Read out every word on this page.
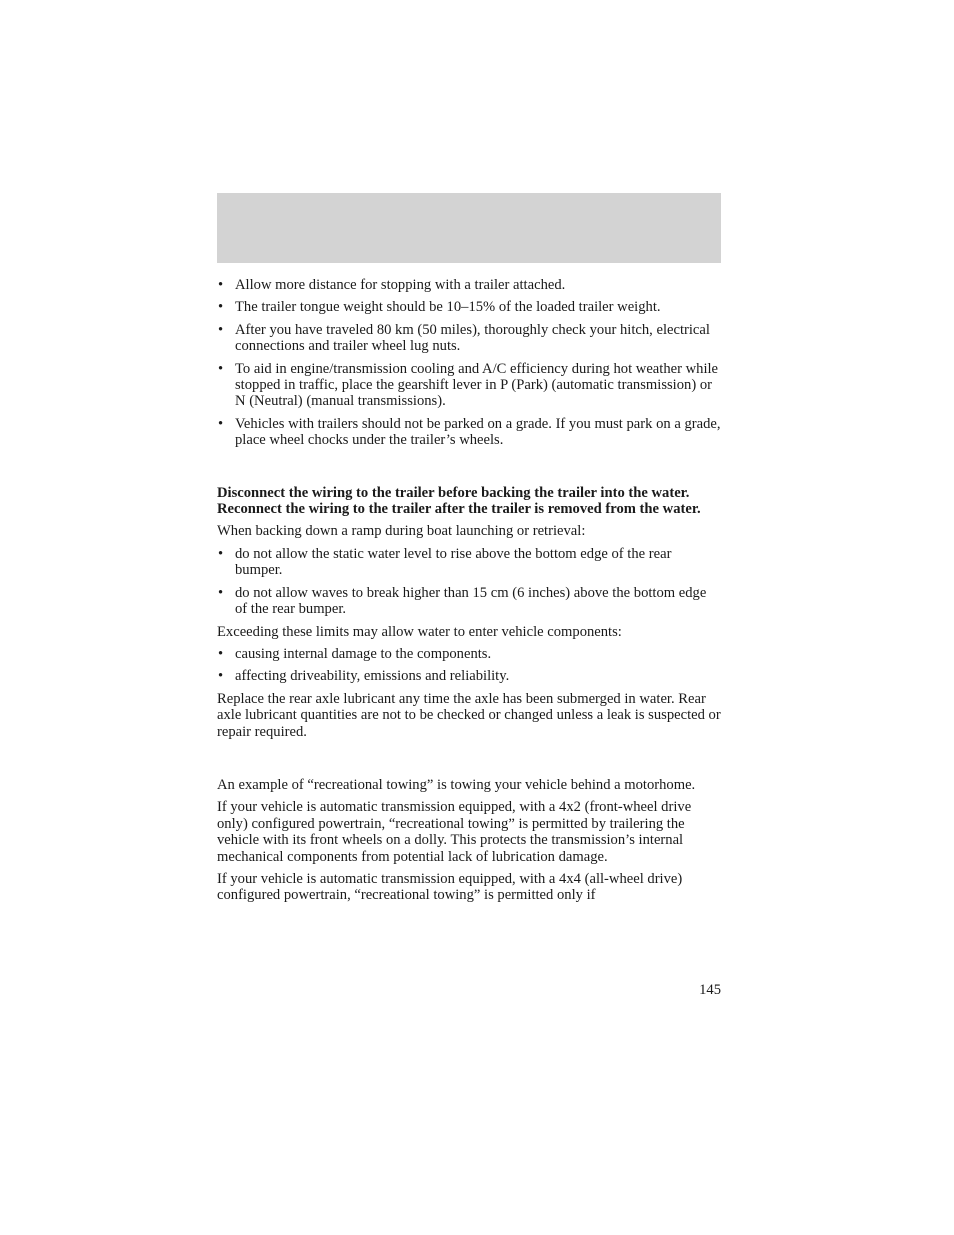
• Allow more distance for stopping with a trailer attached.
• The trailer tongue weight should be 10–15% of the loaded trailer weight.
• After you have traveled 80 km (50 miles), thoroughly check your hitch, electrical connections and trailer wheel lug nuts.
• To aid in engine/transmission cooling and A/C efficiency during hot weather while stopped in traffic, place the gearshift lever in P (Park) (automatic transmission) or N (Neutral) (manual transmissions).
• Vehicles with trailers should not be parked on a grade. If you must park on a grade, place wheel chocks under the trailer’s wheels.

Disconnect the wiring to the trailer before backing the trailer into the water. Reconnect the wiring to the trailer after the trailer is removed from the water.

When backing down a ramp during boat launching or retrieval:

• do not allow the static water level to rise above the bottom edge of the rear bumper.
• do not allow waves to break higher than 15 cm (6 inches) above the bottom edge of the rear bumper.

Exceeding these limits may allow water to enter vehicle components:

• causing internal damage to the components.
• affecting driveability, emissions and reliability.

Replace the rear axle lubricant any time the axle has been submerged in water. Rear axle lubricant quantities are not to be checked or changed unless a leak is suspected or repair required.

An example of “recreational towing” is towing your vehicle behind a motorhome.

If your vehicle is automatic transmission equipped, with a 4x2 (front-wheel drive only) configured powertrain, “recreational towing” is permitted by trailering the vehicle with its front wheels on a dolly. This protects the transmission’s internal mechanical components from potential lack of lubrication damage.

If your vehicle is automatic transmission equipped, with a 4x4 (all-wheel drive) configured powertrain, “recreational towing” is permitted only if

145
